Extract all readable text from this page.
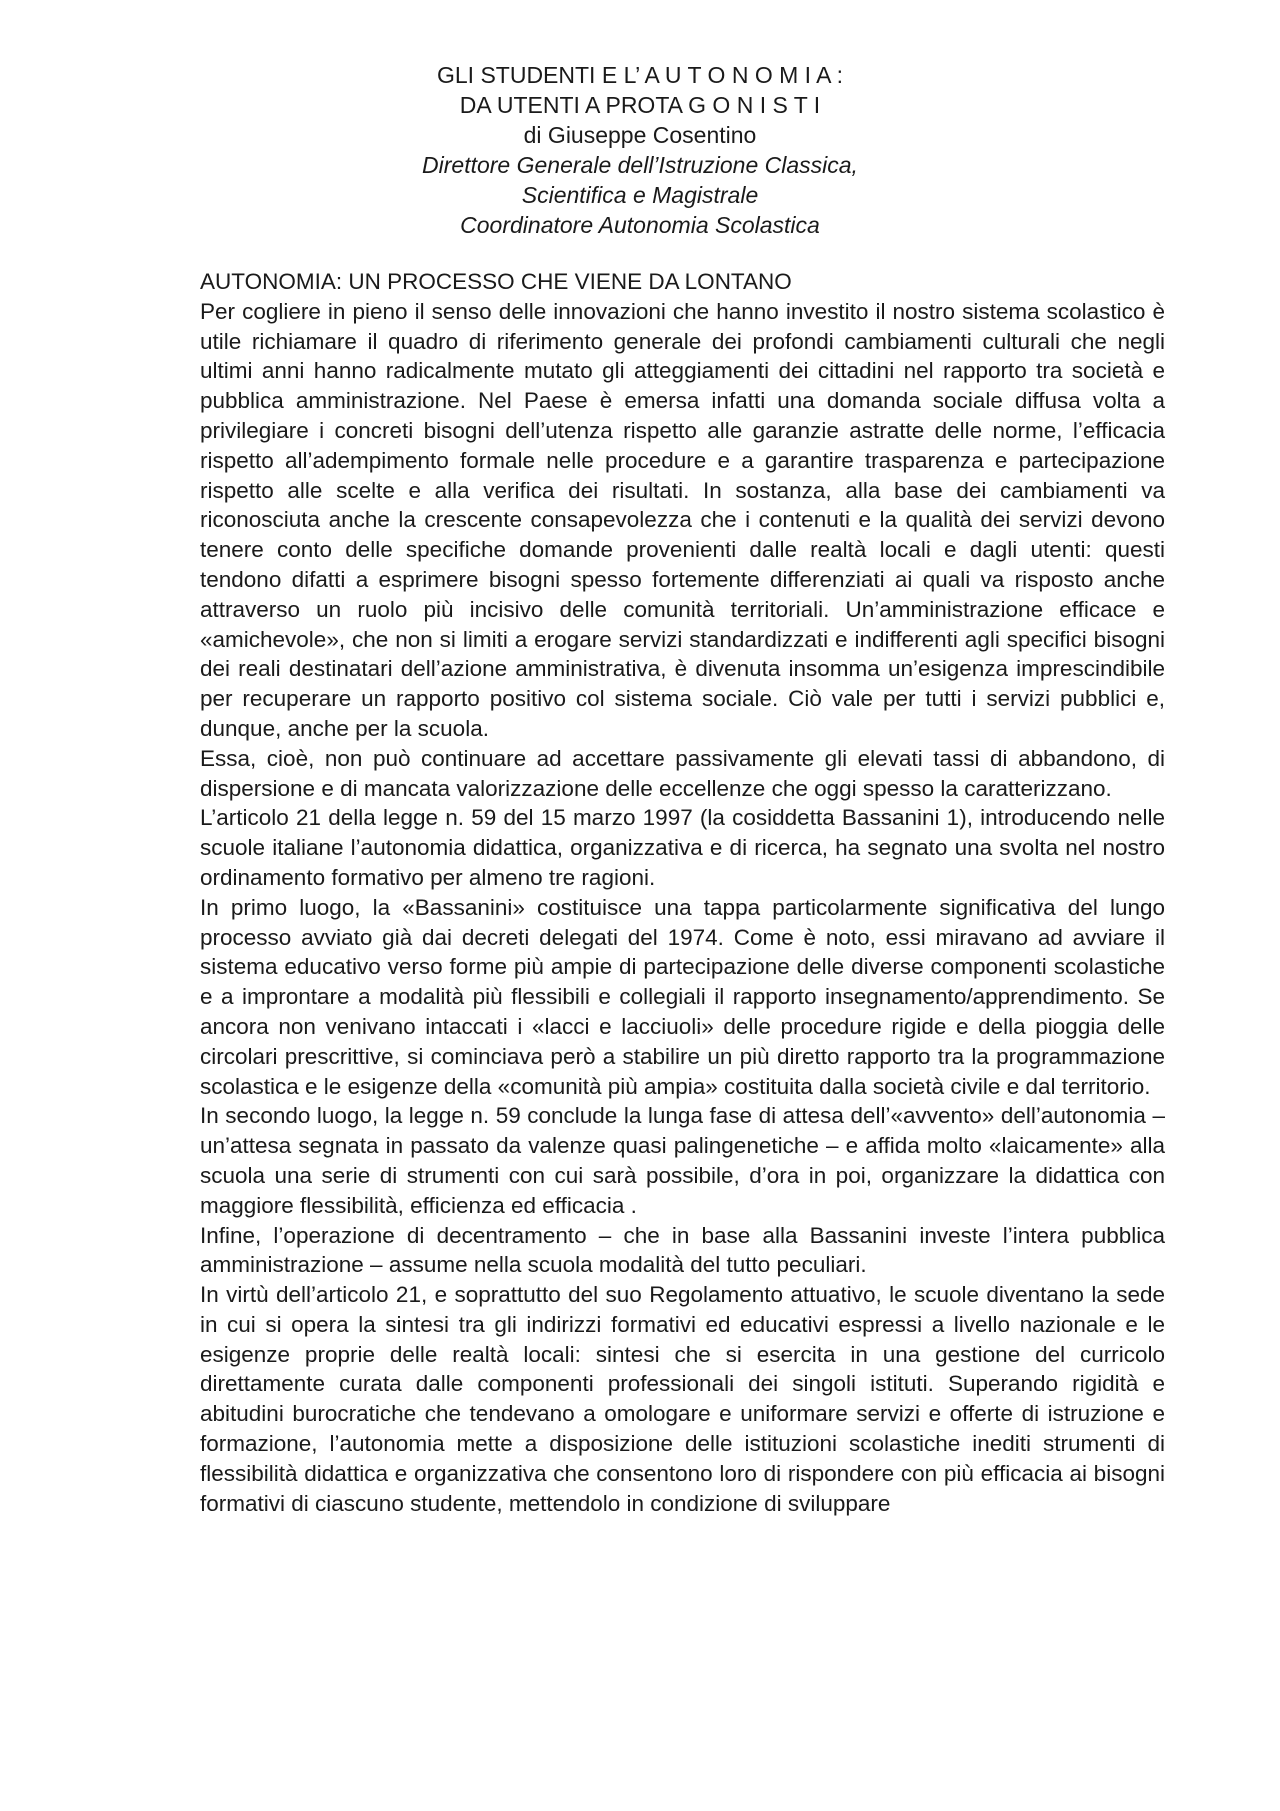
GLI STUDENTI E L’ A U T O N O M I A :
DA UTENTI A PROTA G O N I S T I
di Giuseppe Cosentino
Direttore Generale dell’Istruzione Classica,
Scientifica e Magistrale
Coordinatore Autonomia Scolastica
AUTONOMIA: UN PROCESSO CHE VIENE DA LONTANO

Per cogliere in pieno il senso delle innovazioni che hanno investito il nostro sistema scolastico è utile richiamare il quadro di riferimento generale dei profondi cambiamenti culturali che negli ultimi anni hanno radicalmente mutato gli atteggiamenti dei cittadini nel rapporto tra società e pubblica amministrazione. Nel Paese è emersa infatti una domanda sociale diffusa volta a privilegiare i concreti bisogni dell’utenza rispetto alle garanzie astratte delle norme, l’efficacia rispetto all’adempimento formale nelle procedure e a garantire trasparenza e partecipazione rispetto alle scelte e alla verifica dei risultati. In sostanza, alla base dei cambiamenti va riconosciuta anche la crescente consapevolezza che i contenuti e la qualità dei servizi devono tenere conto delle specifiche domande provenienti dalle realtà locali e dagli utenti: questi tendono difatti a esprimere bisogni spesso fortemente differenziati ai quali va risposto anche attraverso un ruolo più incisivo delle comunità territoriali. Un’amministrazione efficace e «amichevole», che non si limiti a erogare servizi standardizzati e indifferenti agli specifici bisogni dei reali destinatari dell’azione amministrativa, è divenuta insomma un’esigenza imprescindibile per recuperare un rapporto positivo col sistema sociale. Ciò vale per tutti i servizi pubblici e, dunque, anche per la scuola.

Essa, cioè, non può continuare ad accettare passivamente gli elevati tassi di abbandono, di dispersione e di mancata valorizzazione delle eccellenze che oggi spesso la caratterizzano.

L’articolo 21 della legge n. 59 del 15 marzo 1997 (la cosiddetta Bassanini 1), introducendo nelle scuole italiane l’autonomia didattica, organizzativa e di ricerca, ha segnato una svolta nel nostro ordinamento formativo per almeno tre ragioni.

In primo luogo, la «Bassanini» costituisce una tappa particolarmente significativa del lungo processo avviato già dai decreti delegati del 1974. Come è noto, essi miravano ad avviare il sistema educativo verso forme più ampie di partecipazione delle diverse componenti scolastiche e a improntare a modalità più flessibili e collegiali il rapporto insegnamento/apprendimento. Se ancora non venivano intaccati i «lacci e lacciuoli» delle procedure rigide e della pioggia delle circolari prescrittive, si cominciava però a stabilire un più diretto rapporto tra la programmazione scolastica e le esigenze della «comunità più ampia» costituita dalla società civile e dal territorio.

In secondo luogo, la legge n. 59 conclude la lunga fase di attesa dell’«avvento» dell’autonomia – un’attesa segnata in passato da valenze quasi palingenetiche – e affida molto «laicamente» alla scuola una serie di strumenti con cui sarà possibile, d’ora in poi, organizzare la didattica con maggiore flessibilità, efficienza ed efficacia .

Infine, l’operazione di decentramento – che in base alla Bassanini investe l’intera pubblica amministrazione – assume nella scuola modalità del tutto peculiari.

In virtù dell’articolo 21, e soprattutto del suo Regolamento attuativo, le scuole diventano la sede in cui si opera la sintesi tra gli indirizzi formativi ed educativi espressi a livello nazionale e le esigenze proprie delle realtà locali: sintesi che si esercita in una gestione del curricolo direttamente curata dalle componenti professionali dei singoli istituti. Superando rigidità e abitudini burocratiche che tendevano a omologare e uniformare servizi e offerte di istruzione e formazione, l’autonomia mette a disposizione delle istituzioni scolastiche inediti strumenti di flessibilità didattica e organizzativa che consentono loro di rispondere con più efficacia ai bisogni formativi di ciascuno studente, mettendolo in condizione di sviluppare
